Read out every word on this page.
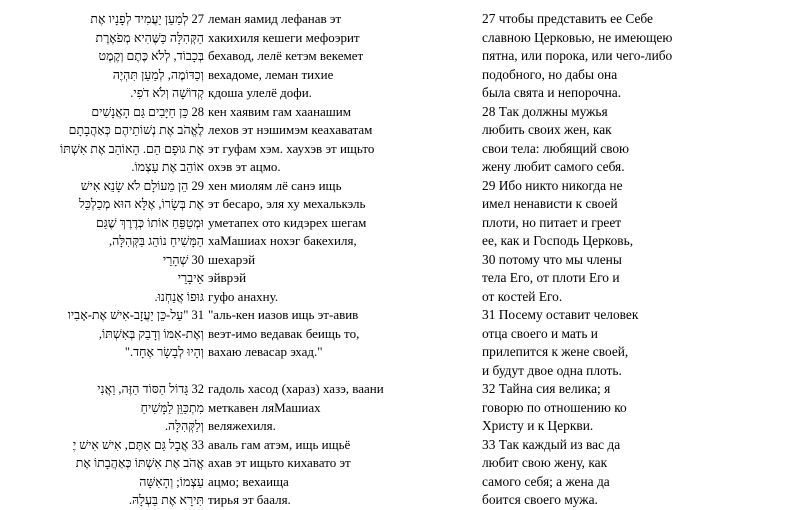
27 לְמַעַן יַעֲמִיד לְפָנָיו אֶת
הַקְּהִלָּה כַּשֶּׁהִיא מְפֹאֶרֶת
בְּכָבוֹד, לְלֹא כֶּתֶם וְקֶמֶט
וְכַדּוֹמֶה, לְמַעַן תִּהְיֶה
קְדוֹשָׁה וְלֹא דֹפִי.
28 כֵּן חַיָּבִים גַּם הָאֲנָשִׁים
לֶאֱהֹב אֶת נְשׁוֹתֵיהֶם כְּאַהֲבָתָם
אֶת גּוּפָם הֵם. הָאוֹהֵב אֶת אִשְׁתּוֹ
אוֹהֵב אֶת עַצְמוֹ.
29 הֵן מֵעוֹלָם לֹא שָׂנֵא אִישׁ
אֶת בְּשָׂרוֹ, אֶלָּא הוּא מְכַלְכֵּל
וּמְטַפֵּחַ אוֹתוֹ כְּדֶרֶךְ שֶׁגַּם
הַמָּשִׁיחַ נוֹהֵג בַּקְּהִלָּה,
30 שְׁהָרֵי
אֵיבָרֵי
גּוּפוֹ אֲנַחְנוּ.
31 "עַל-כֵּן יַעֲזָב-אִישׁ אֶת-אָבִיו
וְאֶת-אִמּוֹ וְדָבַק בְּאִשְׁתּוֹ,
וְהָיוּ לְבָשָׂר אֶחָד."
32 גָּדוֹל הַסּוֹד הַזֶּה, וַאֲנִי
מִתְכַּוֵּן לַמָּשִׁיחַ
וְלַקְּהִלָּה.
33 אֲבָל גַּם אַתֶּם, אִישׁ אִישׁ יֶ
אֱהֹב אֶת אִשְׁתּוֹ כְּאַהֲבָתוֹ אֶת
עַצְמוֹ; וְהָאִשָּׁה
תִּירָא אֶת בַּעְלָהּ.
леман яамид лефанав эт
хакихиля кешеги мефоэрит
бехавод, лелё кетэм векемет
вехадоме, леман тихие
кдоша улелё дофи.
кен хаявим гам хаанашим
лехов эт нэшимэм кеахаватам
эт гуфам хэм. хаухэв эт ищьто
охэв эт ацмо.
хен миолям лё санэ ищь
эт бесаро, эля ху мехалькэль
уметапех ото кидэрех шегам
хаМашиах нохэг бакехиля,
шехарэй
эйврэй
гуфо анахну.
"аль-кен иазов ищь эт-авив
веэт-имо ведавак беищь то,
вахаю левасар эхад."
гадоль хасод (хараз) хазэ, ваани
меткавен ляМашиах
веляжехиля.
аваль гам атэм, ищь ищьё
ахав эт ищьто кихавато эт
ацмо; вехаища
тирья эт бааля.
27 чтобы представить ее Себе
славною Церковью, не имеющею
пятна, или порока, или чего-либо
подобного, но дабы она
была свята и непорочна.
28 Так должны мужья
любить своих жен, как
свои тела: любящий свою
жену любит самого себя.
29 Ибо никто никогда не
имел ненависти к своей
плоти, но питает и греет
ее, как и Господь Церковь,
30 потому что мы члены
тела Его, от плоти Его и
от костей Его.
31 Посему оставит человек
отца своего и мать и
прилепится к жене своей,
и будут двое одна плоть.
32 Тайна сия велика; я
говорю по отношению ко
Христу и к Церкви.
33 Так каждый из вас да
любит свою жену, как
самого себя; а жена да
боится своего мужа.
